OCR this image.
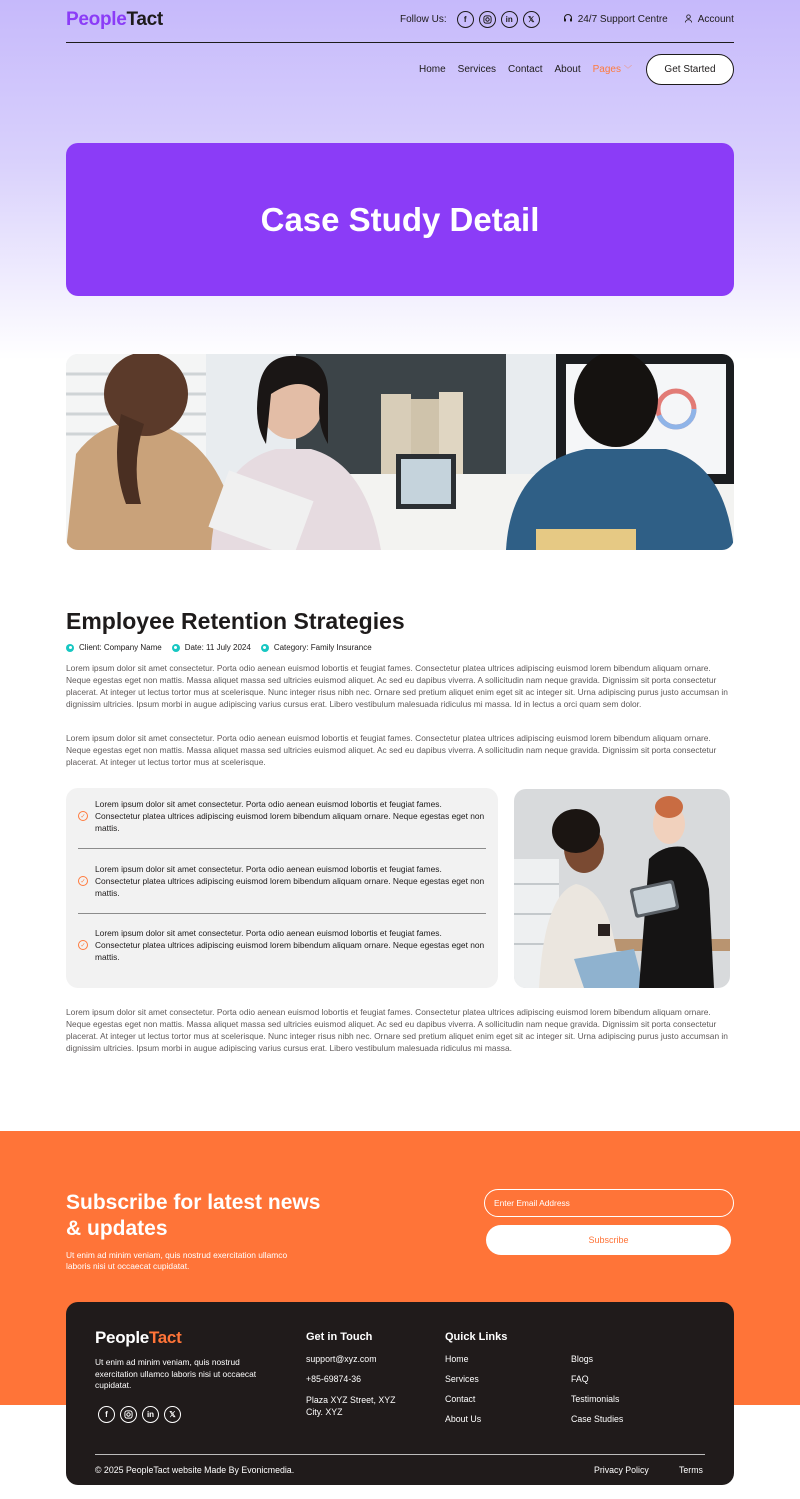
PeopleTact	Follow Us:	f	in	𝕏	24/7 Support Centre	Account
Home Services Contact About Pages ﹀	Get Started
Case Study Detail
Employee Retention Strategies
Client: Company Name	Date: 11 July 2024	Category: Family Insurance

Lorem ipsum dolor sit amet consectetur. Porta odio aenean euismod lobortis et feugiat fames. Consectetur platea ultrices adipiscing euismod lorem bibendum aliquam ornare. Neque egestas eget non mattis. Massa aliquet massa sed ultricies euismod aliquet. Ac sed eu dapibus viverra. A sollicitudin nam neque gravida. Dignissim sit porta consectetur placerat. At integer ut lectus tortor mus at scelerisque. Nunc integer risus nibh nec. Ornare sed pretium aliquet enim eget sit ac integer sit. Urna adipiscing purus justo accumsan in dignissim ultricies. Ipsum morbi in augue adipiscing varius cursus erat. Libero vestibulum malesuada ridiculus mi massa. Id in lectus a orci quam sem dolor.

Lorem ipsum dolor sit amet consectetur. Porta odio aenean euismod lobortis et feugiat fames. Consectetur platea ultrices adipiscing euismod lorem bibendum aliquam ornare. Neque egestas eget non mattis. Massa aliquet massa sed ultricies euismod aliquet. Ac sed eu dapibus viverra. A sollicitudin nam neque gravida. Dignissim sit porta consectetur placerat. At integer ut lectus tortor mus at scelerisque.

✓

Lorem ipsum dolor sit amet consectetur. Porta odio aenean euismod lobortis et feugiat fames. Consectetur platea ultrices adipiscing euismod lorem bibendum aliquam ornare. Neque egestas eget non mattis.

✓

Lorem ipsum dolor sit amet consectetur. Porta odio aenean euismod lobortis et feugiat fames. Consectetur platea ultrices adipiscing euismod lorem bibendum aliquam ornare. Neque egestas eget non mattis.

✓

Lorem ipsum dolor sit amet consectetur. Porta odio aenean euismod lobortis et feugiat fames. Consectetur platea ultrices adipiscing euismod lorem bibendum aliquam ornare. Neque egestas eget non mattis.

Lorem ipsum dolor sit amet consectetur. Porta odio aenean euismod lobortis et feugiat fames. Consectetur platea ultrices adipiscing euismod lorem bibendum aliquam ornare. Neque egestas eget non mattis. Massa aliquet massa sed ultricies euismod aliquet. Ac sed eu dapibus viverra. A sollicitudin nam neque gravida. Dignissim sit porta consectetur placerat. At integer ut lectus tortor mus at scelerisque. Nunc integer risus nibh nec. Ornare sed pretium aliquet enim eget sit ac integer sit. Urna adipiscing purus justo accumsan in dignissim ultricies. Ipsum morbi in augue adipiscing varius cursus erat. Libero vestibulum malesuada ridiculus mi massa.

Subscribe for latest news & updates

Ut enim ad minim veniam, quis nostrud exercitation ullamco laboris nisi ut occaecat cupidatat.

Enter Email Address
Subscribe
PeopleTact

Ut enim ad minim veniam, quis nostrud exercitation ullamco laboris nisi ut occaecat cupidatat.

f	in	𝕏
Get in Touch
support@xyz.com
+85-69874-36
Plaza XYZ Street, XYZ City. XYZ
Quick Links
Home
Services
Contact
About Us
Blogs
FAQ
Testimonials
Case Studies
© 2025 PeopleTact website Made By Evonicmedia.	Privacy Policy	Terms
